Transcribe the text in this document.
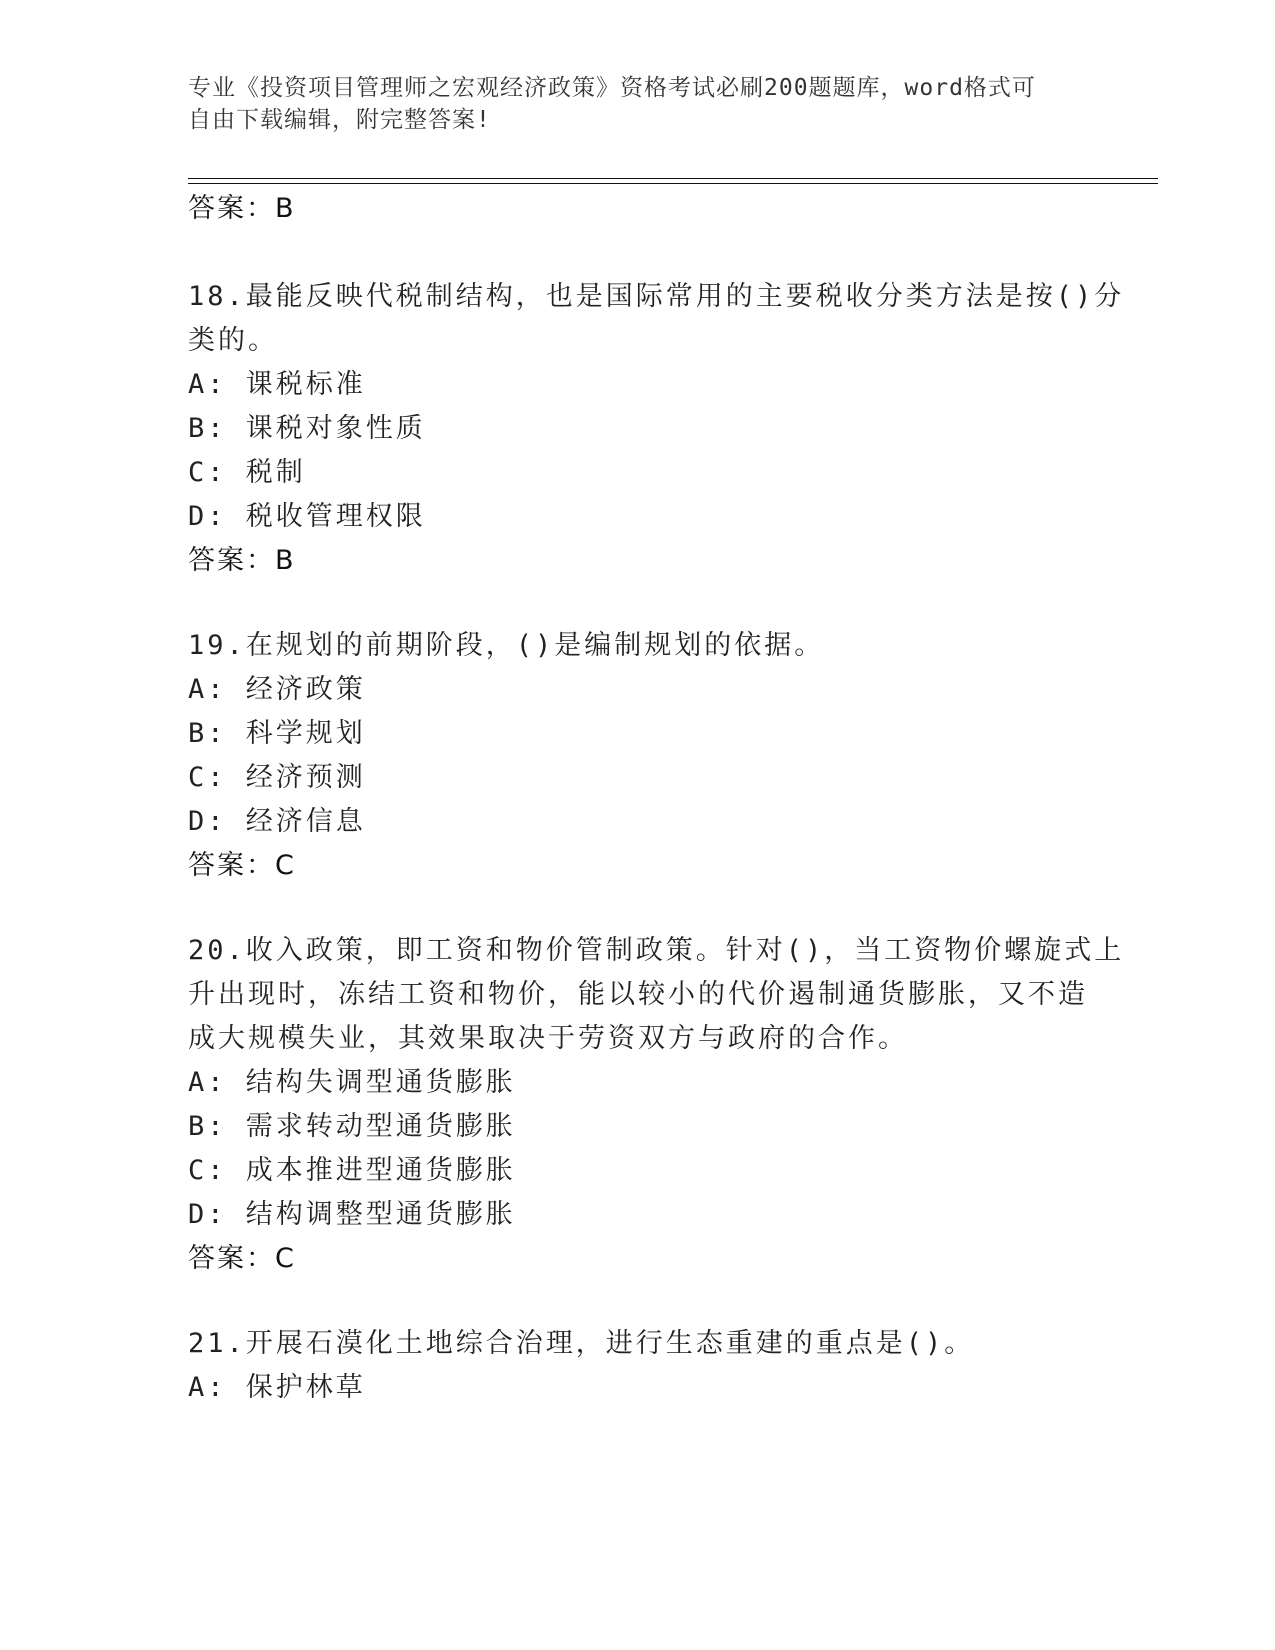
专业《投资项目管理师之宏观经济政策》资格考试必刷200题题库，word格式可
自由下载编辑，附完整答案!
答案：B
18.最能反映代税制结构，也是国际常用的主要税收分类方法是按()分
类的。
A: 课税标准
B: 课税对象性质
C: 税制
D: 税收管理权限
答案：B
19.在规划的前期阶段，()是编制规划的依据。
A: 经济政策
B: 科学规划
C: 经济预测
D: 经济信息
答案：C
20.收入政策，即工资和物价管制政策。针对()，当工资物价螺旋式上
升出现时，冻结工资和物价，能以较小的代价遏制通货膨胀，又不造
成大规模失业，其效果取决于劳资双方与政府的合作。
A: 结构失调型通货膨胀
B: 需求转动型通货膨胀
C: 成本推进型通货膨胀
D: 结构调整型通货膨胀
答案：C
21.开展石漠化土地综合治理，进行生态重建的重点是()。
A: 保护林草
